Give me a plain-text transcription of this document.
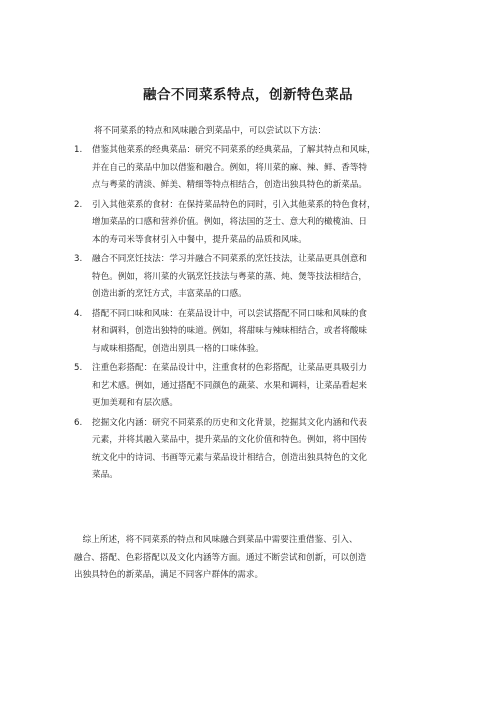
融合不同菜系特点，创新特色菜品
将不同菜系的特点和风味融合到菜品中，可以尝试以下方法：
1. 借鉴其他菜系的经典菜品：研究不同菜系的经典菜品，了解其特点和风味，
并在自己的菜品中加以借鉴和融合。例如，将川菜的麻、辣、鲜、香等特
点与粤菜的清淡、鲜美、精细等特点相结合，创造出独具特色的新菜品。
2. 引入其他菜系的食材：在保持菜品特色的同时，引入其他菜系的特色食材，
增加菜品的口感和营养价值。例如，将法国的芝士、意大利的橄榄油、日
本的寿司米等食材引入中餐中，提升菜品的品质和风味。
3. 融合不同烹饪技法：学习并融合不同菜系的烹饪技法，让菜品更具创意和
特色。例如，将川菜的火锅烹饪技法与粤菜的蒸、炖、煲等技法相结合，
创造出新的烹饪方式，丰富菜品的口感。
4. 搭配不同口味和风味：在菜品设计中，可以尝试搭配不同口味和风味的食
材和调料，创造出独特的味道。例如，将甜味与辣味相结合，或者将酸味
与咸味相搭配，创造出别具一格的口味体验。
5. 注重色彩搭配：在菜品设计中，注重食材的色彩搭配，让菜品更具吸引力
和艺术感。例如，通过搭配不同颜色的蔬菜、水果和调料，让菜品看起来
更加美观和有层次感。
6. 挖掘文化内涵：研究不同菜系的历史和文化背景，挖掘其文化内涵和代表
元素，并将其融入菜品中，提升菜品的文化价值和特色。例如，将中国传
统文化中的诗词、书画等元素与菜品设计相结合，创造出独具特色的文化
菜品。
　综上所述，将不同菜系的特点和风味融合到菜品中需要注重借鉴、引入、
融合、搭配、色彩搭配以及文化内涵等方面。通过不断尝试和创新，可以创造
出独具特色的新菜品，满足不同客户群体的需求。
